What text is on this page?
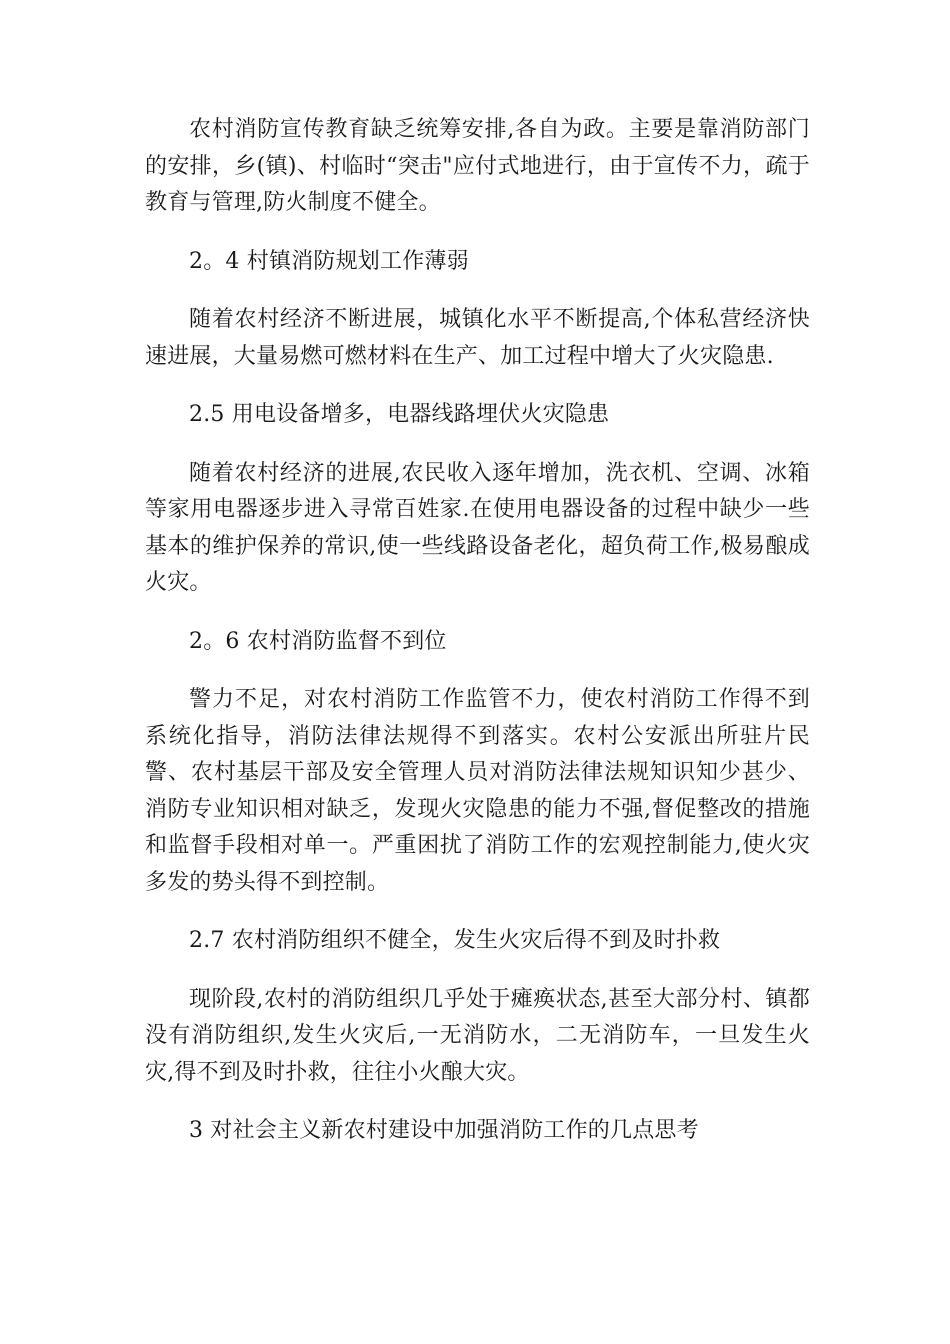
农村消防宣传教育缺乏统筹安排,各自为政。主要是靠消防部门的安排，乡(镇)、村临时“突击"应付式地进行，由于宣传不力，疏于教育与管理,防火制度不健全。

2。4 村镇消防规划工作薄弱

随着农村经济不断进展，城镇化水平不断提高,个体私营经济快速进展，大量易燃可燃材料在生产、加工过程中增大了火灾隐患.

2.5 用电设备增多，电器线路埋伏火灾隐患

随着农村经济的进展,农民收入逐年增加，洗衣机、空调、冰箱等家用电器逐步进入寻常百姓家.在使用电器设备的过程中缺少一些基本的维护保养的常识,使一些线路设备老化，超负荷工作,极易酿成火灾。

2。6 农村消防监督不到位

警力不足，对农村消防工作监管不力，使农村消防工作得不到系统化指导，消防法律法规得不到落实。农村公安派出所驻片民警、农村基层干部及安全管理人员对消防法律法规知识知少甚少、消防专业知识相对缺乏，发现火灾隐患的能力不强,督促整改的措施和监督手段相对单一。严重困扰了消防工作的宏观控制能力,使火灾多发的势头得不到控制。

2.7 农村消防组织不健全，发生火灾后得不到及时扑救

现阶段,农村的消防组织几乎处于瘫痪状态,甚至大部分村、镇都没有消防组织,发生火灾后,一无消防水，二无消防车，一旦发生火灾,得不到及时扑救，往往小火酿大灾。

3 对社会主义新农村建设中加强消防工作的几点思考
